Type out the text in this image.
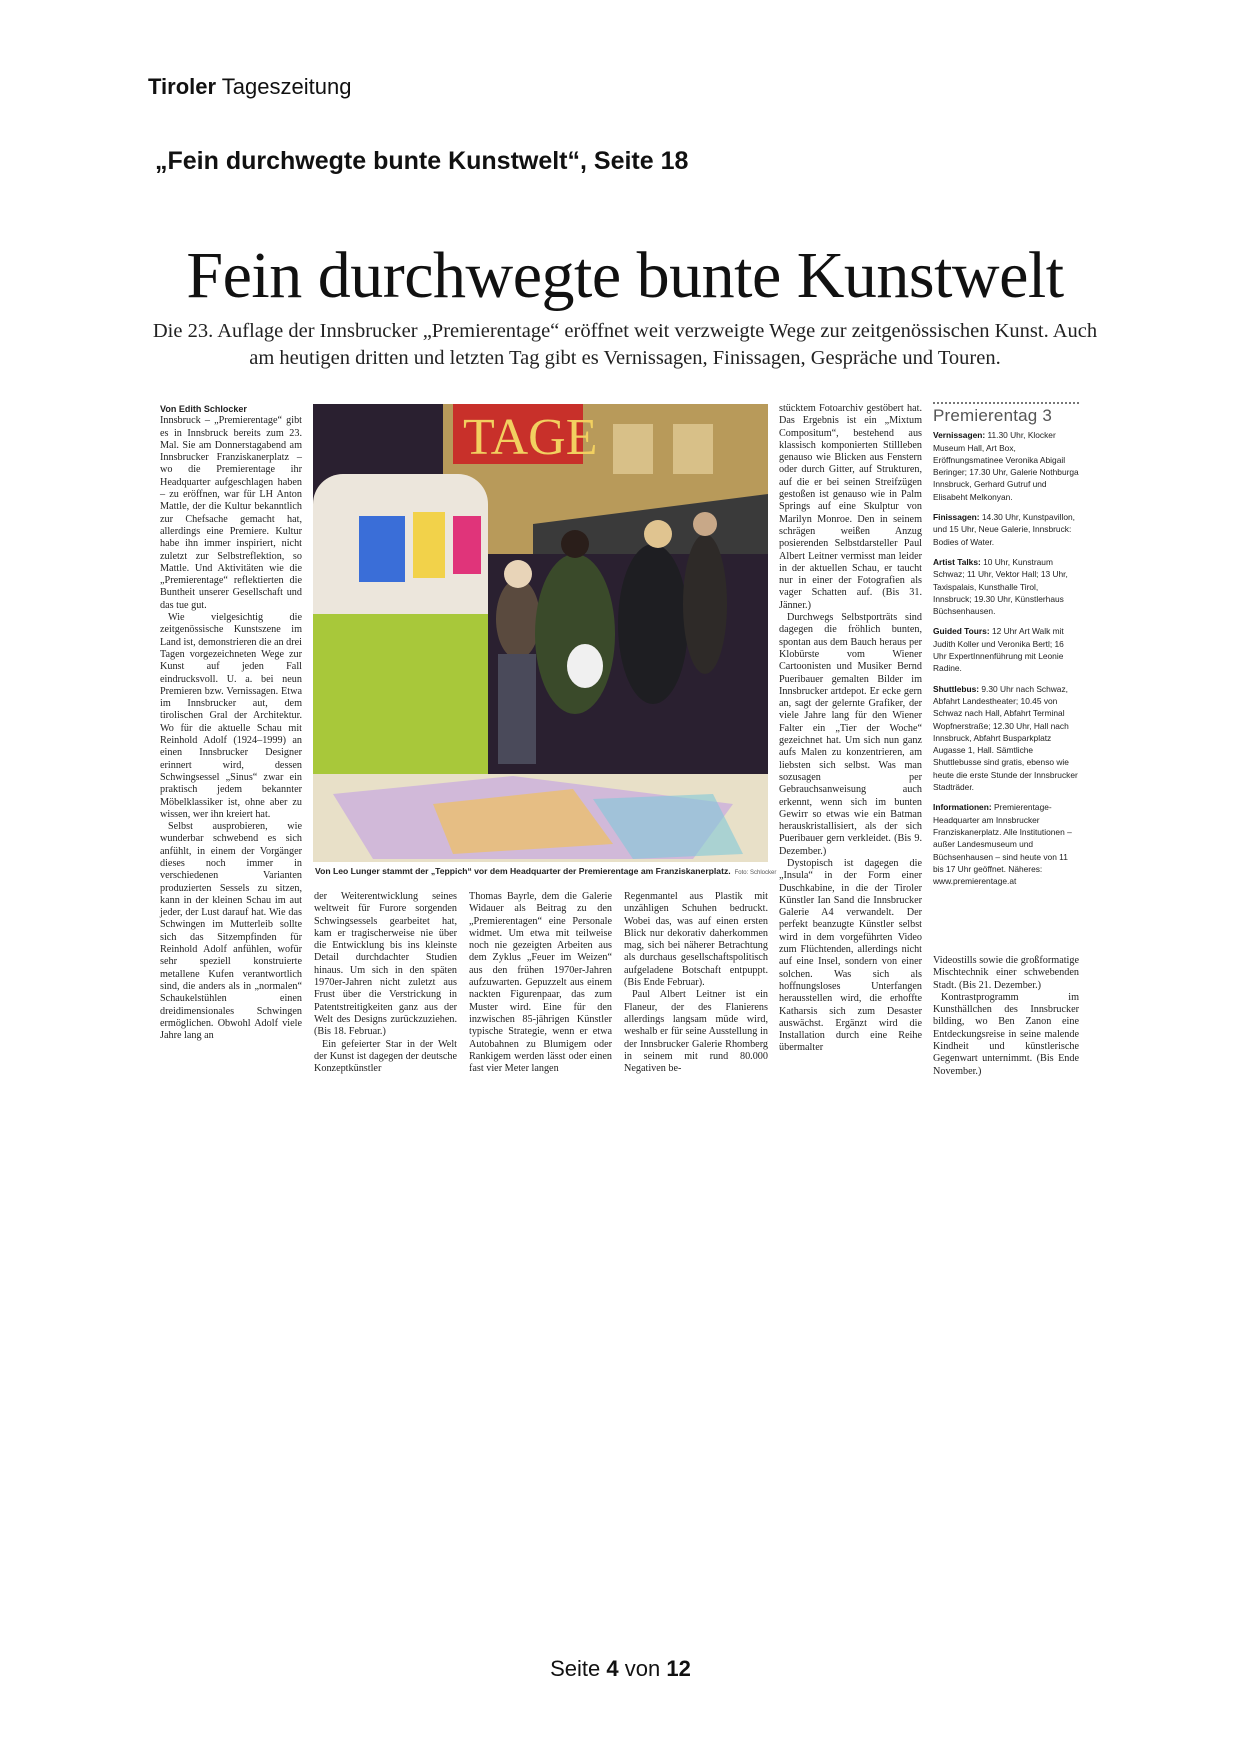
Tiroler Tageszeitung
„Fein durchwegte bunte Kunstwelt“, Seite 18
Fein durchwegte bunte Kunstwelt
Die 23. Auflage der Innsbrucker „Premierentage“ eröffnet weit verzweigte Wege zur zeitgenössischen Kunst. Auch am heutigen dritten und letzten Tag gibt es Vernissagen, Finissagen, Gespräche und Touren.

Von Edith Schlocker

Innsbruck – „Premierentage“ gibt es in Innsbruck bereits zum 23. Mal. Sie am Donnerstagabend am Innsbrucker Franziskanerplatz – wo die Premierentage ihr Headquarter aufgeschlagen haben – zu eröffnen, war für LH Anton Mattle, der die Kultur bekanntlich zur Chefsache gemacht hat, allerdings eine Premiere. Kultur habe ihn immer inspiriert, nicht zuletzt zur Selbstreflektion, so Mattle. Und Aktivitäten wie die „Premierentage“ reflektierten die Buntheit unserer Gesellschaft und das tue gut.

Wie vielgesichtig die zeitgenössische Kunstszene im Land ist, demonstrieren die an drei Tagen vorgezeichneten Wege zur Kunst auf jeden Fall eindrucksvoll. U. a. bei neun Premieren bzw. Vernissagen. Etwa im Innsbrucker aut, dem tirolischen Gral der Architektur. Wo für die aktuelle Schau mit Reinhold Adolf (1924–1999) an einen Innsbrucker Designer erinnert wird, dessen Schwingsessel „Sinus“ zwar ein praktisch jedem bekannter Möbelklassiker ist, ohne aber zu wissen, wer ihn kreiert hat.

Selbst ausprobieren, wie wunderbar schwebend es sich anfühlt, in einem der Vorgänger dieses noch immer in verschiedenen Varianten produzierten Sessels zu sitzen, kann in der kleinen Schau im aut jeder, der Lust darauf hat. Wie das Schwingen im Mutterleib sollte sich das Sitzempfinden für Reinhold Adolf anfühlen, wofür sehr speziell konstruierte metallene Kufen verantwortlich sind, die anders als in „normalen“ Schaukelstühlen einen dreidimensionales Schwingen ermöglichen. Obwohl Adolf viele Jahre lang an

TAGE
Von Leo Lunger stammt der „Teppich“ vor dem Headquarter der Premierentage am Franziskanerplatz. Foto: Schlocker

der Weiterentwicklung seines weltweit für Furore sorgenden Schwingsessels gearbeitet hat, kam er tragischerweise nie über die Entwicklung bis ins kleinste Detail durchdachter Studien hinaus. Um sich in den späten 1970er-Jahren nicht zuletzt aus Frust über die Verstrickung in Patentstreitigkeiten ganz aus der Welt des Designs zurückzuziehen. (Bis 18. Februar.)

Ein gefeierter Star in der Welt der Kunst ist dagegen der deutsche Konzeptkünstler

Thomas Bayrle, dem die Galerie Widauer als Beitrag zu den „Premierentagen“ eine Personale widmet. Um etwa mit teilweise noch nie gezeigten Arbeiten aus dem Zyklus „Feuer im Weizen“ aus den frühen 1970er-Jahren aufzuwarten. Gepuzzelt aus einem nackten Figurenpaar, das zum Muster wird. Eine für den inzwischen 85-jährigen Künstler typische Strategie, wenn er etwa Autobahnen zu Blumigem oder Rankigem werden lässt oder einen fast vier Meter langen

Regenmantel aus Plastik mit unzähligen Schuhen bedruckt. Wobei das, was auf einen ersten Blick nur dekorativ daherkommen mag, sich bei näherer Betrachtung als durchaus gesellschaftspolitisch aufgeladene Botschaft entpuppt. (Bis Ende Februar).

Paul Albert Leitner ist ein Flaneur, der des Flanierens allerdings langsam müde wird, weshalb er für seine Ausstellung in der Innsbrucker Galerie Rhomberg in seinem mit rund 80.000 Negativen be-

stücktem Fotoarchiv gestöbert hat. Das Ergebnis ist ein „Mixtum Compositum“, bestehend aus klassisch komponierten Stillleben genauso wie Blicken aus Fenstern oder durch Gitter, auf Strukturen, auf die er bei seinen Streifzügen gestoßen ist genauso wie in Palm Springs auf eine Skulptur von Marilyn Monroe. Den in seinem schrägen weißen Anzug posierenden Selbstdarsteller Paul Albert Leitner vermisst man leider in der aktuellen Schau, er taucht nur in einer der Fotografien als vager Schatten auf. (Bis 31. Jänner.)

Durchwegs Selbstporträts sind dagegen die fröhlich bunten, spontan aus dem Bauch heraus per Klobürste vom Wiener Cartoonisten und Musiker Bernd Pueribauer gemalten Bilder im Innsbrucker artdepot. Er ecke gern an, sagt der gelernte Grafiker, der viele Jahre lang für den Wiener Falter ein „Tier der Woche“ gezeichnet hat. Um sich nun ganz aufs Malen zu konzentrieren, am liebsten sich selbst. Was man sozusagen per Gebrauchsanweisung auch erkennt, wenn sich im bunten Gewirr so etwas wie ein Batman herauskristallisiert, als der sich Pueribauer gern verkleidet. (Bis 9. Dezember.)

Dystopisch ist dagegen die „Insula“ in der Form einer Duschkabine, in die der Tiroler Künstler Ian Sand die Innsbrucker Galerie A4 verwandelt. Der perfekt beanzugte Künstler selbst wird in dem vorgeführten Video zum Flüchtenden, allerdings nicht auf eine Insel, sondern von einer solchen. Was sich als hoffnungsloses Unterfangen herausstellen wird, die erhoffte Katharsis sich zum Desaster auswächst. Ergänzt wird die Installation durch eine Reihe übermalter

Premierentag 3

Vernissagen: 11.30 Uhr, Klocker Museum Hall, Art Box, Eröffnungsmatinee Veronika Abigail Beringer; 17.30 Uhr, Galerie Nothburga Innsbruck, Gerhard Gutruf und Elisabeht Melkonyan.

Finissagen: 14.30 Uhr, Kunstpavillon, und 15 Uhr, Neue Galerie, Innsbruck: Bodies of Water.

Artist Talks: 10 Uhr, Kunstraum Schwaz; 11 Uhr, Vektor Hall; 13 Uhr, Taxispalais, Kunsthalle Tirol, Innsbruck; 19.30 Uhr, Künstlerhaus Büchsenhausen.

Guided Tours: 12 Uhr Art Walk mit Judith Koller und Veronika Bertl; 16 Uhr ExpertInnenführung mit Leonie Radine.

Shuttlebus: 9.30 Uhr nach Schwaz, Abfahrt Landestheater; 10.45 von Schwaz nach Hall, Abfahrt Terminal Wopfnerstraße; 12.30 Uhr, Hall nach Innsbruck, Abfahrt Busparkplatz Augasse 1, Hall. Sämtliche Shuttlebusse sind gratis, ebenso wie heute die erste Stunde der Innsbrucker Stadträder.

Informationen: Premierentage-Headquarter am Innsbrucker Franziskanerplatz. Alle Institutionen – außer Landesmuseum und Büchsenhausen – sind heute von 11 bis 17 Uhr geöffnet. Näheres: www.premierentage.at

Videostills sowie die großformatige Mischtechnik einer schwebenden Stadt. (Bis 21. Dezember.)

Kontrastprogramm im Kunsthällchen des Innsbrucker bilding, wo Ben Zanon eine Entdeckungsreise in seine malende Kindheit und künstlerische Gegenwart unternimmt. (Bis Ende November.)

Seite 4 von 12
